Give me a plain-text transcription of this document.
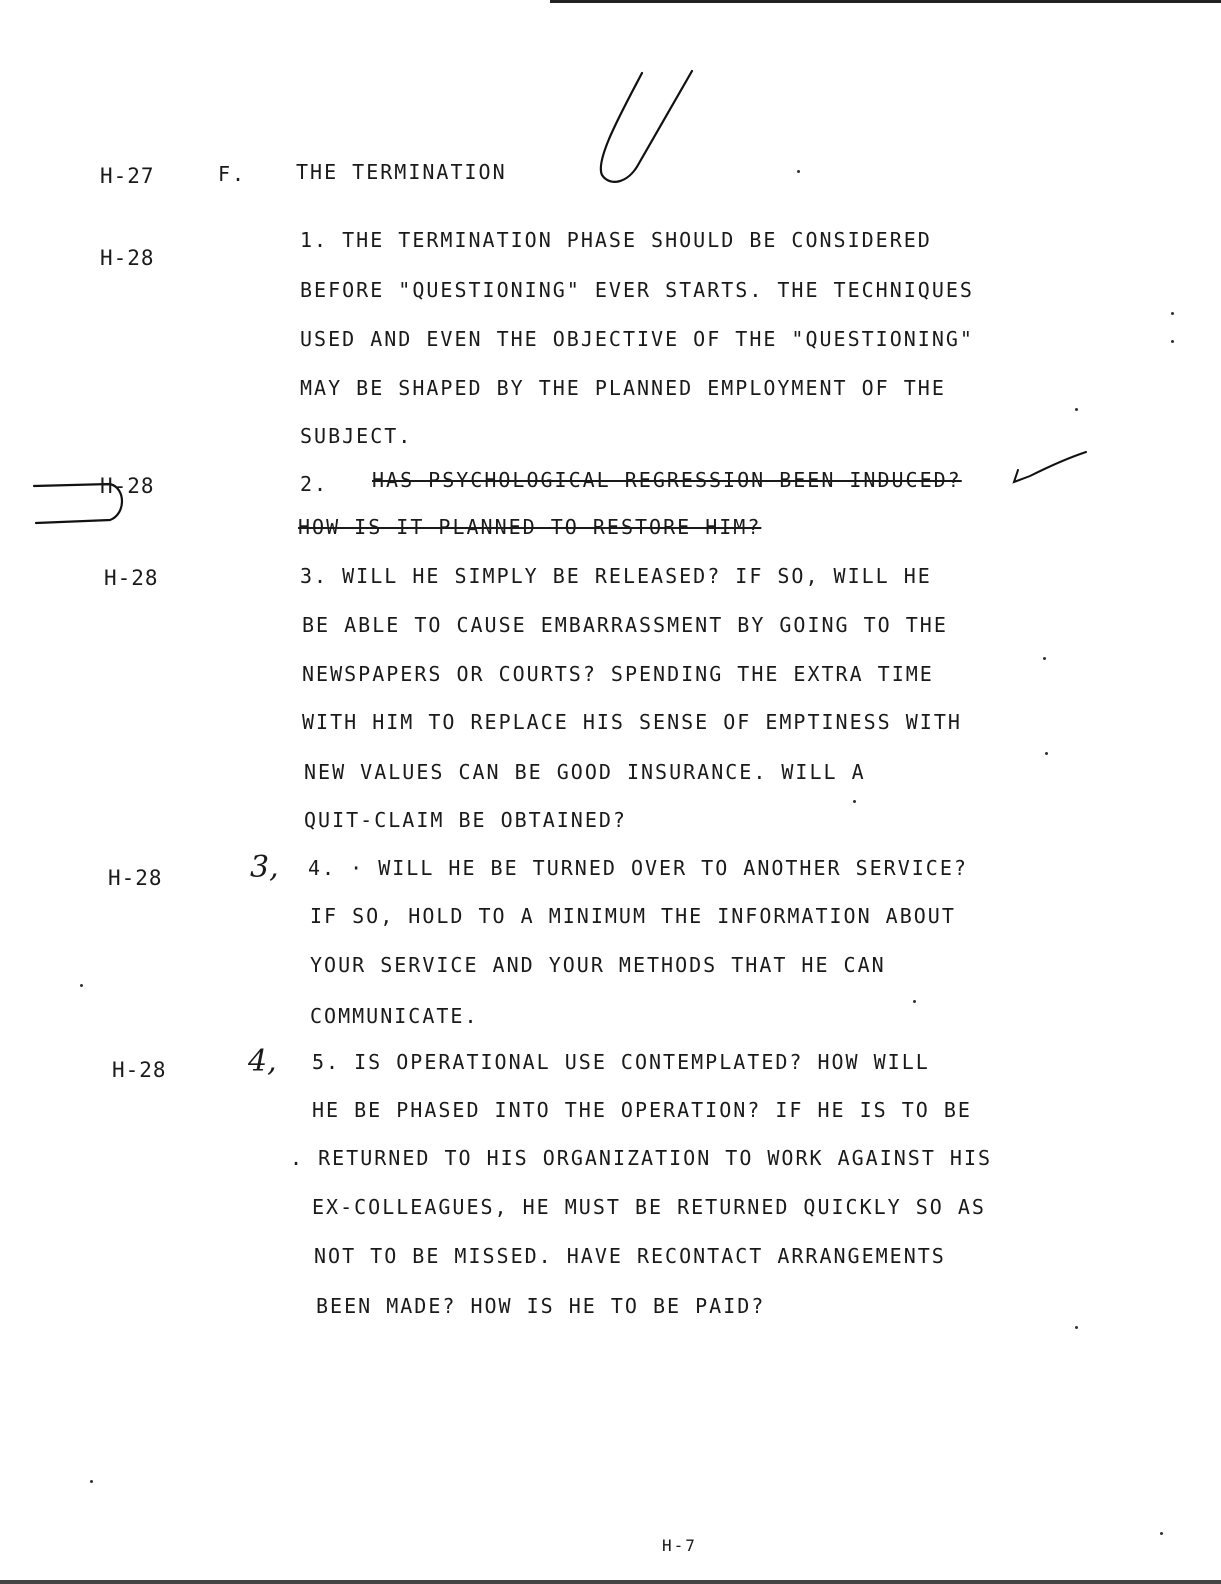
H-27	F. THE TERMINATION
H-28
1. THE TERMINATION PHASE SHOULD BE CONSIDERED
BEFORE "QUESTIONING" EVER STARTS. THE TECHNIQUES
USED AND EVEN THE OBJECTIVE OF THE "QUESTIONING"
MAY BE SHAPED BY THE PLANNED EMPLOYMENT OF THE
SUBJECT.
H-28	2. HAS PSYCHOLOGICAL REGRESSION BEEN INDUCED?
HOW IS IT PLANNED TO RESTORE HIM?
H-28	3. WILL HE SIMPLY BE RELEASED? IF SO, WILL HE
BE ABLE TO CAUSE EMBARRASSMENT BY GOING TO THE
NEWSPAPERS OR COURTS? SPENDING THE EXTRA TIME
WITH HIM TO REPLACE HIS SENSE OF EMPTINESS WITH
NEW VALUES CAN BE GOOD INSURANCE. WILL A
QUIT-CLAIM BE OBTAINED?
H-28	3, 4. · WILL HE BE TURNED OVER TO ANOTHER SERVICE?
IF SO, HOLD TO A MINIMUM THE INFORMATION ABOUT
YOUR SERVICE AND YOUR METHODS THAT HE CAN
COMMUNICATE.
H-28	4, 5. IS OPERATIONAL USE CONTEMPLATED? HOW WILL
HE BE PHASED INTO THE OPERATION? IF HE IS TO BE
. RETURNED TO HIS ORGANIZATION TO WORK AGAINST HIS
EX-COLLEAGUES, HE MUST BE RETURNED QUICKLY SO AS
NOT TO BE MISSED. HAVE RECONTACT ARRANGEMENTS
BEEN MADE? HOW IS HE TO BE PAID?
H-7
